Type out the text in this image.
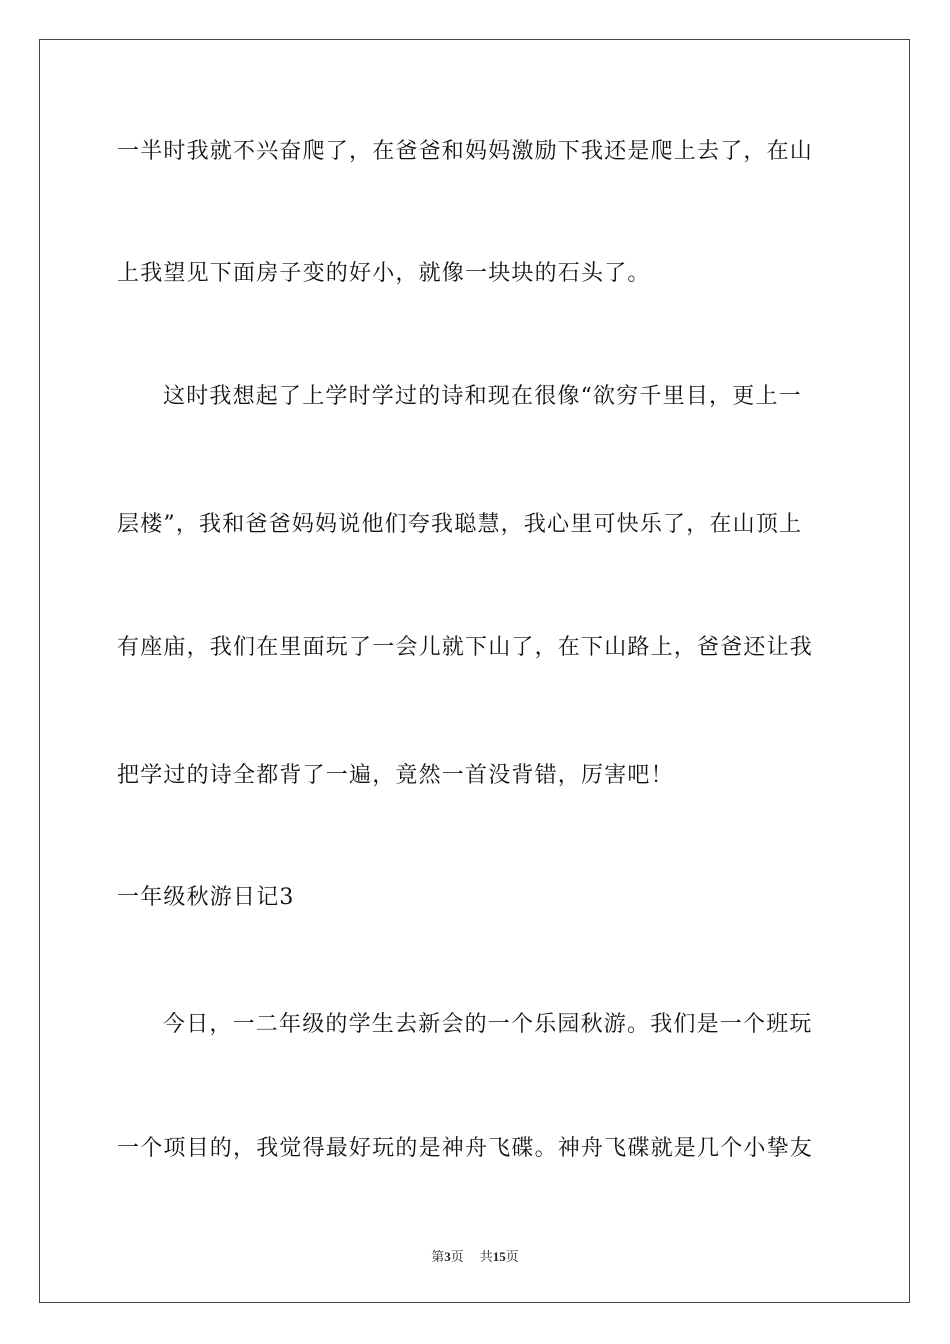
一半时我就不兴奋爬了，在爸爸和妈妈激励下我还是爬上去了，在山
上我望见下面房子变的好小，就像一块块的石头了。
这时我想起了上学时学过的诗和现在很像“欲穷千里目，更上一
层楼”，我和爸爸妈妈说他们夸我聪慧，我心里可快乐了，在山顶上
有座庙，我们在里面玩了一会儿就下山了，在下山路上，爸爸还让我
把学过的诗全都背了一遍，竟然一首没背错，厉害吧！
一年级秋游日记3
今日，一二年级的学生去新会的一个乐园秋游。我们是一个班玩
一个项目的，我觉得最好玩的是神舟飞碟。神舟飞碟就是几个小挚友
第3页 共15页
